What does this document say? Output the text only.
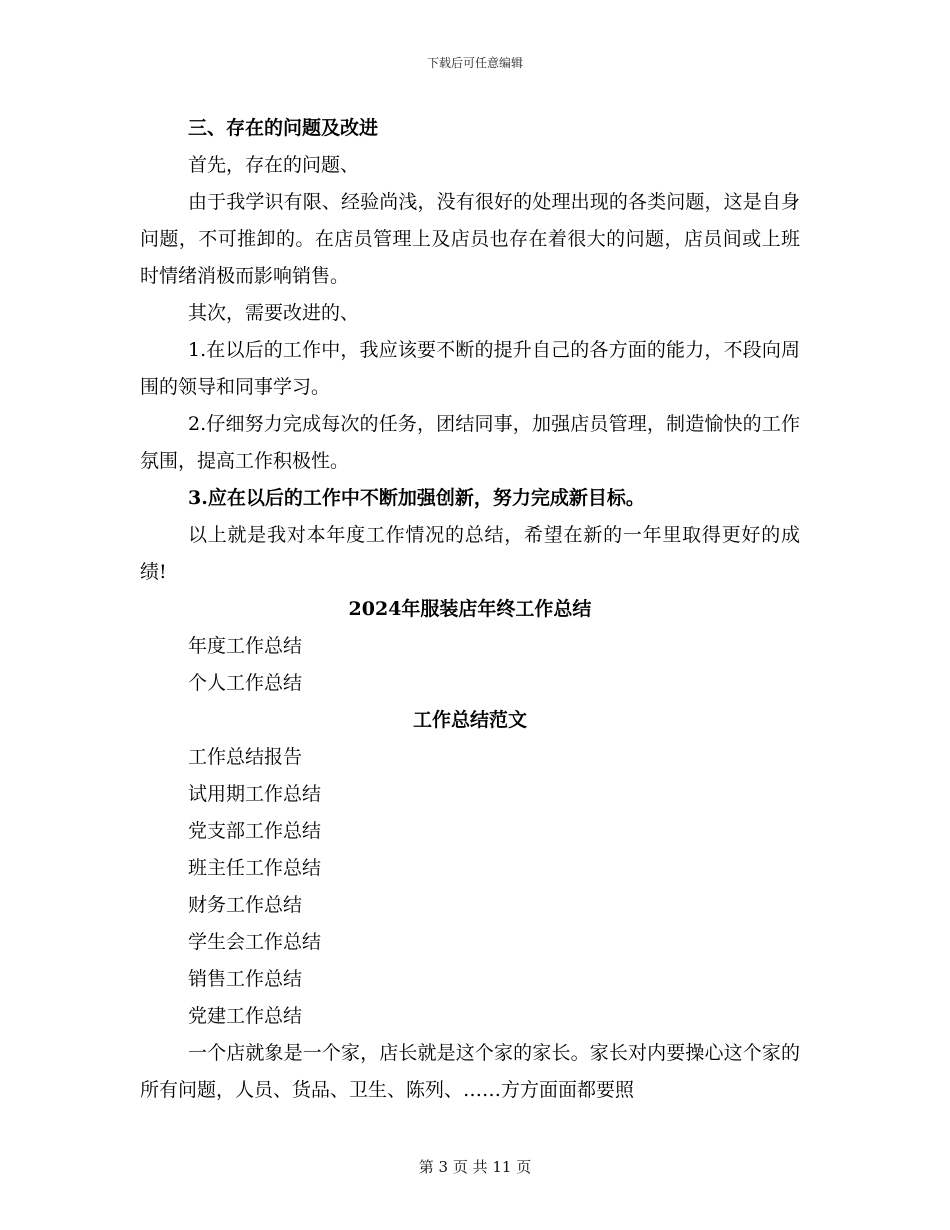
下载后可任意编辑

三、存在的问题及改进

首先，存在的问题、

由于我学识有限、经验尚浅，没有很好的处理出现的各类问题，这是自身问题，不可推卸的。在店员管理上及店员也存在着很大的问题，店员间或上班时情绪消极而影响销售。

其次，需要改进的、

1.在以后的工作中，我应该要不断的提升自己的各方面的能力，不段向周围的领导和同事学习。

2.仔细努力完成每次的任务，团结同事，加强店员管理，制造愉快的工作氛围，提高工作积极性。

3.应在以后的工作中不断加强创新，努力完成新目标。

以上就是我对本年度工作情况的总结，希望在新的一年里取得更好的成绩!

2024年服装店年终工作总结

年度工作总结

个人工作总结

工作总结范文

工作总结报告

试用期工作总结

党支部工作总结

班主任工作总结

财务工作总结

学生会工作总结

销售工作总结

党建工作总结

一个店就象是一个家，店长就是这个家的家长。家长对内要操心这个家的所有问题，人员、货品、卫生、陈列、……方方面面都要照

第 3 页 共 11 页
